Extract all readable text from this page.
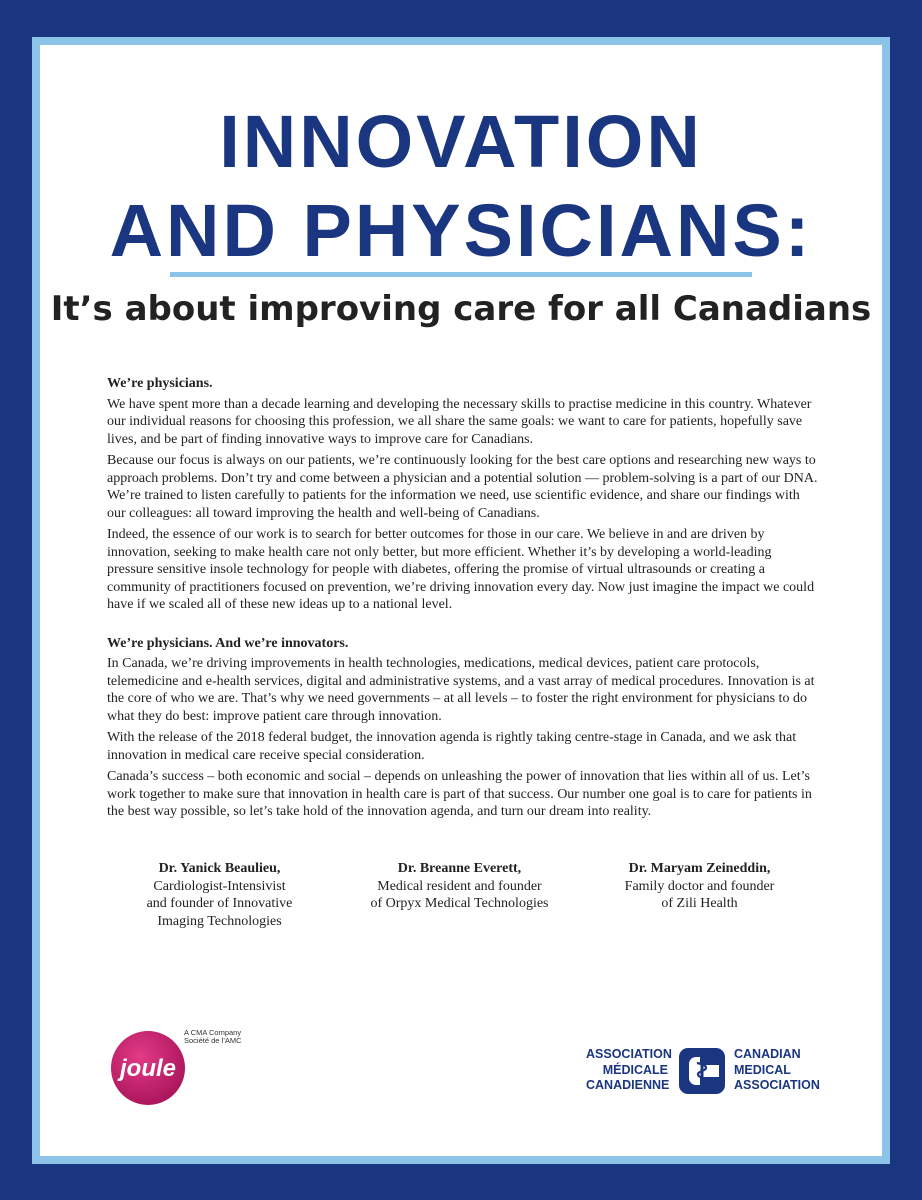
INNOVATION
AND PHYSICIANS:
It’s about improving care for all Canadians
We’re physicians.

We have spent more than a decade learning and developing the necessary skills to practise medicine in this country. Whatever our individual reasons for choosing this profession, we all share the same goals: we want to care for patients, hopefully save lives, and be part of finding innovative ways to improve care for Canadians.

Because our focus is always on our patients, we’re continuously looking for the best care options and researching new ways to approach problems. Don’t try and come between a physician and a potential solution — problem-solving is a part of our DNA. We’re trained to listen carefully to patients for the information we need, use scientific evidence, and share our findings with our colleagues: all toward improving the health and well-being of Canadians.

Indeed, the essence of our work is to search for better outcomes for those in our care. We believe in and are driven by innovation, seeking to make health care not only better, but more efficient. Whether it’s by developing a world-leading pressure sensitive insole technology for people with diabetes, offering the promise of virtual ultrasounds or creating a community of practitioners focused on prevention, we’re driving innovation every day. Now just imagine the impact we could have if we scaled all of these new ideas up to a national level.

We’re physicians. And we’re innovators.

In Canada, we’re driving improvements in health technologies, medications, medical devices, patient care protocols, telemedicine and e-health services, digital and administrative systems, and a vast array of medical procedures. Innovation is at the core of who we are. That’s why we need governments – at all levels – to foster the right environment for physicians to do what they do best: improve patient care through innovation.

With the release of the 2018 federal budget, the innovation agenda is rightly taking centre-stage in Canada, and we ask that innovation in medical care receive special consideration.

Canada’s success – both economic and social – depends on unleashing the power of innovation that lies within all of us. Let’s work together to make sure that innovation in health care is part of that success. Our number one goal is to care for patients in the best way possible, so let’s take hold of the innovation agenda, and turn our dream into reality.

Dr. Yanick Beaulieu,
Cardiologist-Intensivist
and founder of Innovative
Imaging Technologies
Dr. Breanne Everett,
Medical resident and founder
of Orpyx Medical Technologies
Dr. Maryam Zeineddin,
Family doctor and founder
of Zili Health
joule
A CMA Company
Société de l’AMC
ASSOCIATION
MÉDICALE
CANADIENNE
CANADIAN
MEDICAL
ASSOCIATION
